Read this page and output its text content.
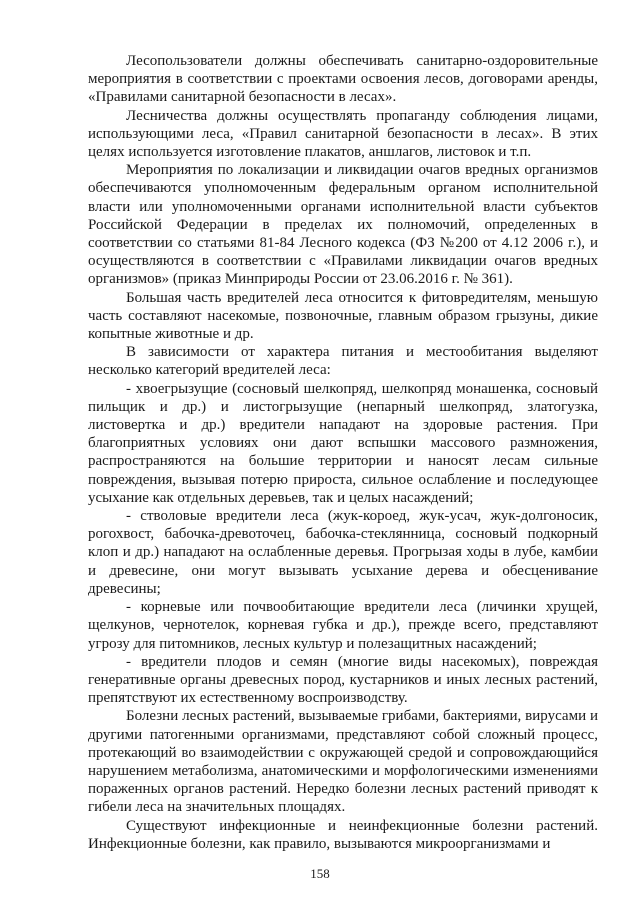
Лесопользователи должны обеспечивать санитарно-оздоровительные мероприятия в соответствии с проектами освоения лесов, договорами аренды, «Правилами санитарной безопасности в лесах».

Лесничества должны осуществлять пропаганду соблюдения лицами, использующими леса, «Правил санитарной безопасности в лесах». В этих целях используется изготовление плакатов, аншлагов, листовок и т.п.

Мероприятия по локализации и ликвидации очагов вредных организмов обеспечиваются уполномоченным федеральным органом исполнительной власти или уполномоченными органами исполнительной власти субъектов Российской Федерации в пределах их полномочий, определенных в соответствии со статьями 81-84 Лесного кодекса (ФЗ №200 от 4.12 2006 г.), и осуществляются в соответствии с «Правилами ликвидации очагов вредных организмов» (приказ Минприроды России от 23.06.2016 г. № 361).

Большая часть вредителей леса относится к фитовредителям, меньшую часть составляют насекомые, позвоночные, главным образом грызуны, дикие копытные животные и др.

В зависимости от характера питания и местообитания выделяют несколько категорий вредителей леса:

- хвоегрызущие (сосновый шелкопряд, шелкопряд монашенка, сосновый пильщик и др.) и листогрызущие (непарный шелкопряд, златогузка, листовертка и др.) вредители нападают на здоровые растения. При благоприятных условиях они дают вспышки массового размножения, распространяются на большие территории и наносят лесам сильные повреждения, вызывая потерю прироста, сильное ослабление и последующее усыхание как отдельных деревьев, так и целых насаждений;

- стволовые вредители леса (жук-короед, жук-усач, жук-долгоносик, рогохвост, бабочка-древоточец, бабочка-стеклянница, сосновый подкорный клоп и др.) нападают на ослабленные деревья. Прогрызая ходы в лубе, камбии и древесине, они могут вызывать усыхание дерева и обесценивание древесины;

- корневые или почвообитающие вредители леса (личинки хрущей, щелкунов, чернотелок, корневая губка и др.), прежде всего, представляют угрозу для питомников, лесных культур и полезащитных насаждений;

- вредители плодов и семян (многие виды насекомых), повреждая генеративные органы древесных пород, кустарников и иных лесных растений, препятствуют их естественному воспроизводству.

Болезни лесных растений, вызываемые грибами, бактериями, вирусами и другими патогенными организмами, представляют собой сложный процесс, протекающий во взаимодействии с окружающей средой и сопровождающийся нарушением метаболизма, анатомическими и морфологическими изменениями пораженных органов растений. Нередко болезни лесных растений приводят к гибели леса на значительных площадях.

Существуют инфекционные и неинфекционные болезни растений. Инфекционные болезни, как правило, вызываются микроорганизмами и

158
